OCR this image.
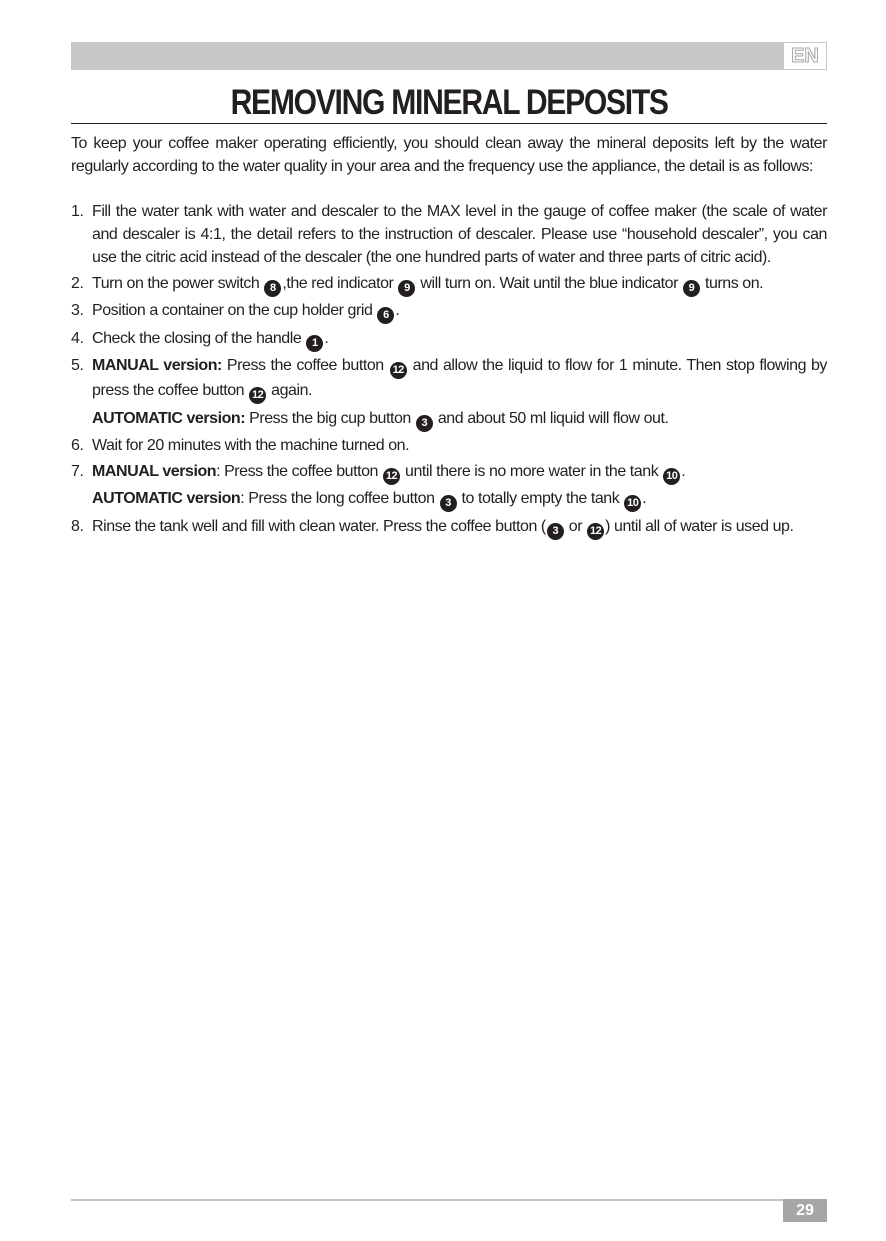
EN
REMOVING MINERAL DEPOSITS
To keep your coffee maker operating efficiently, you should clean away the mineral deposits left by the water regularly according to the water quality in your area and the frequency use the appliance, the detail is as follows:
1. Fill the water tank with water and descaler to the MAX level in the gauge of coffee maker (the scale of water and descaler is 4:1, the detail refers to the instruction of descaler. Please use “household descaler”, you can use the citric acid instead of the descaler (the one hundred parts of water and three parts of citric acid).
2. Turn on the power switch 8 ,the red indicator 9 will turn on. Wait until the blue indicator 9 turns on.
3. Position a container on the cup holder grid 6 .
4. Check the closing of the handle 1 .
5. MANUAL version: Press the coffee button 12 and allow the liquid to flow for 1 minute. Then stop flowing by press the coffee button 12 again.
AUTOMATIC version: Press the big cup button 3 and about 50 ml liquid will flow out.
6. Wait for 20 minutes with the machine turned on.
7. MANUAL version: Press the coffee button 12 until there is no more water in the tank 10 .
AUTOMATIC version: Press the long coffee button 3 to totally empty the tank 10 .
8. Rinse the tank well and fill with clean water. Press the coffee button ( 3 or 12 ) until all of water is used up.
29
